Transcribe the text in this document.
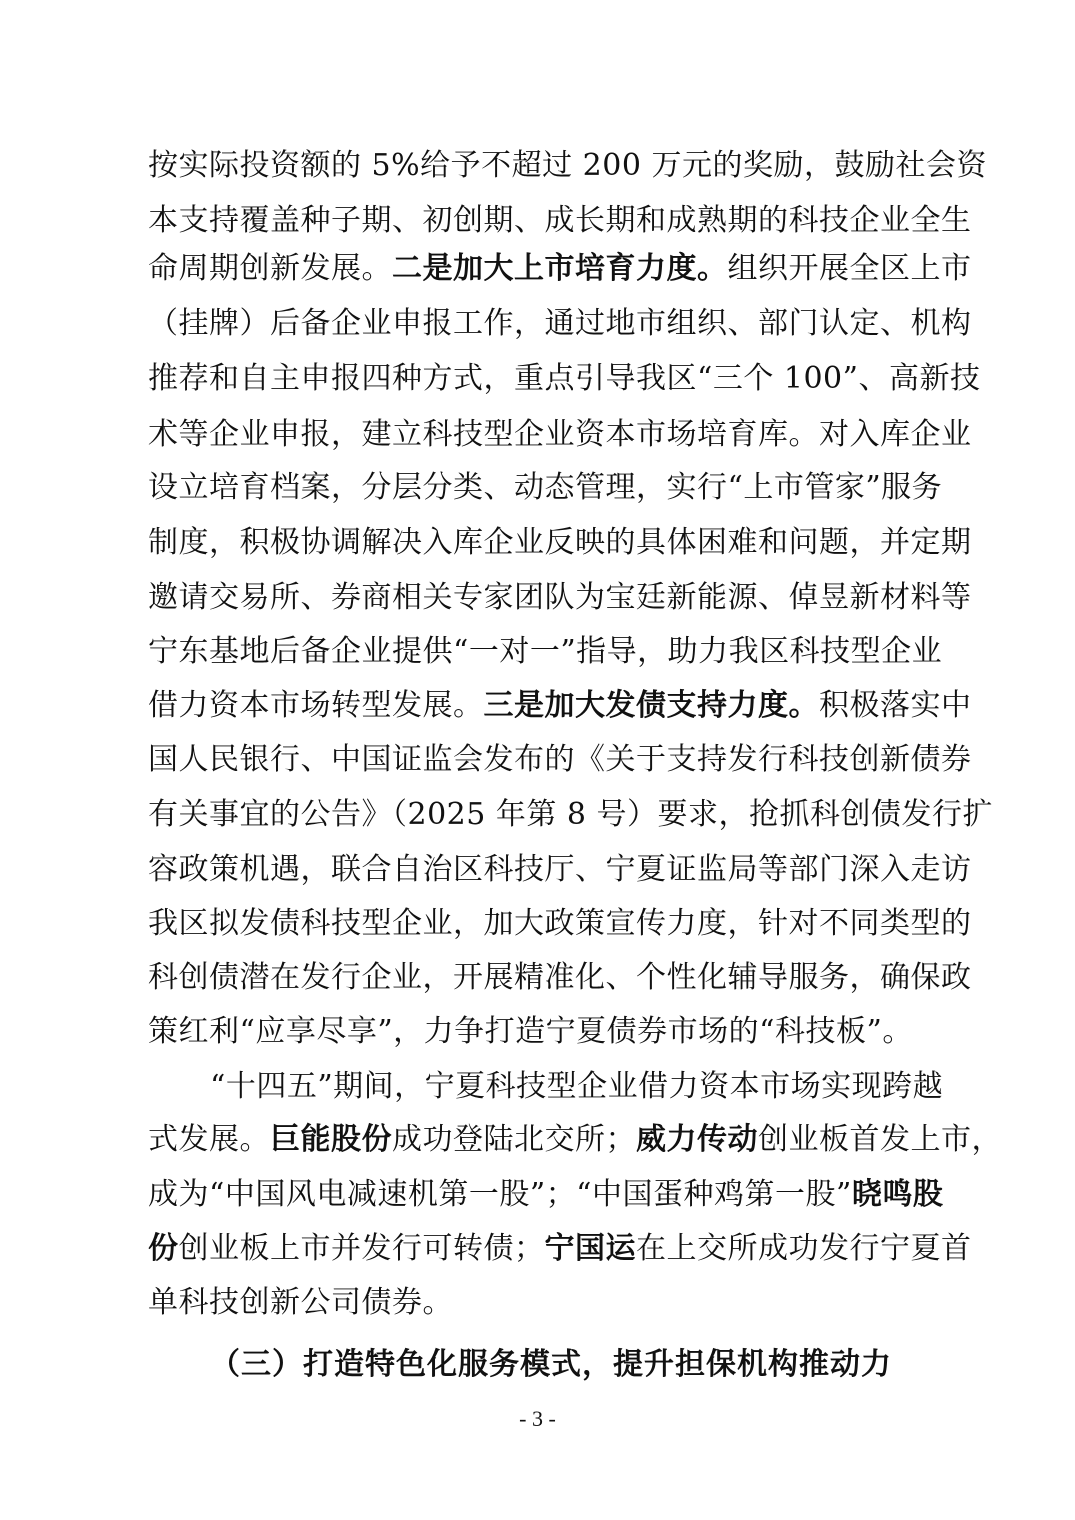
按实际投资额的 5%给予不超过 200 万元的奖励，鼓励社会资
本支持覆盖种子期、初创期、成长期和成熟期的科技企业全生
命周期创新发展。二是加大上市培育力度。组织开展全区上市
（挂牌）后备企业申报工作，通过地市组织、部门认定、机构
推荐和自主申报四种方式，重点引导我区“三个 100”、高新技
术等企业申报，建立科技型企业资本市场培育库。对入库企业
设立培育档案，分层分类、动态管理，实行“上市管家”服务
制度，积极协调解决入库企业反映的具体困难和问题，并定期
邀请交易所、券商相关专家团队为宝廷新能源、倬昱新材料等
宁东基地后备企业提供“一对一”指导，助力我区科技型企业
借力资本市场转型发展。三是加大发债支持力度。积极落实中
国人民银行、中国证监会发布的《关于支持发行科技创新债券
有关事宜的公告》（2025 年第 8 号）要求，抢抓科创债发行扩
容政策机遇，联合自治区科技厅、宁夏证监局等部门深入走访
我区拟发债科技型企业，加大政策宣传力度，针对不同类型的
科创债潜在发行企业，开展精准化、个性化辅导服务，确保政
策红利“应享尽享”，力争打造宁夏债券市场的“科技板”。
“十四五”期间，宁夏科技型企业借力资本市场实现跨越
式发展。巨能股份成功登陆北交所；威力传动创业板首发上市，
成为“中国风电减速机第一股”；“中国蛋种鸡第一股”晓鸣股
份创业板上市并发行可转债；宁国运在上交所成功发行宁夏首
单科技创新公司债券。
（三）打造特色化服务模式，提升担保机构推动力
- 3 -
